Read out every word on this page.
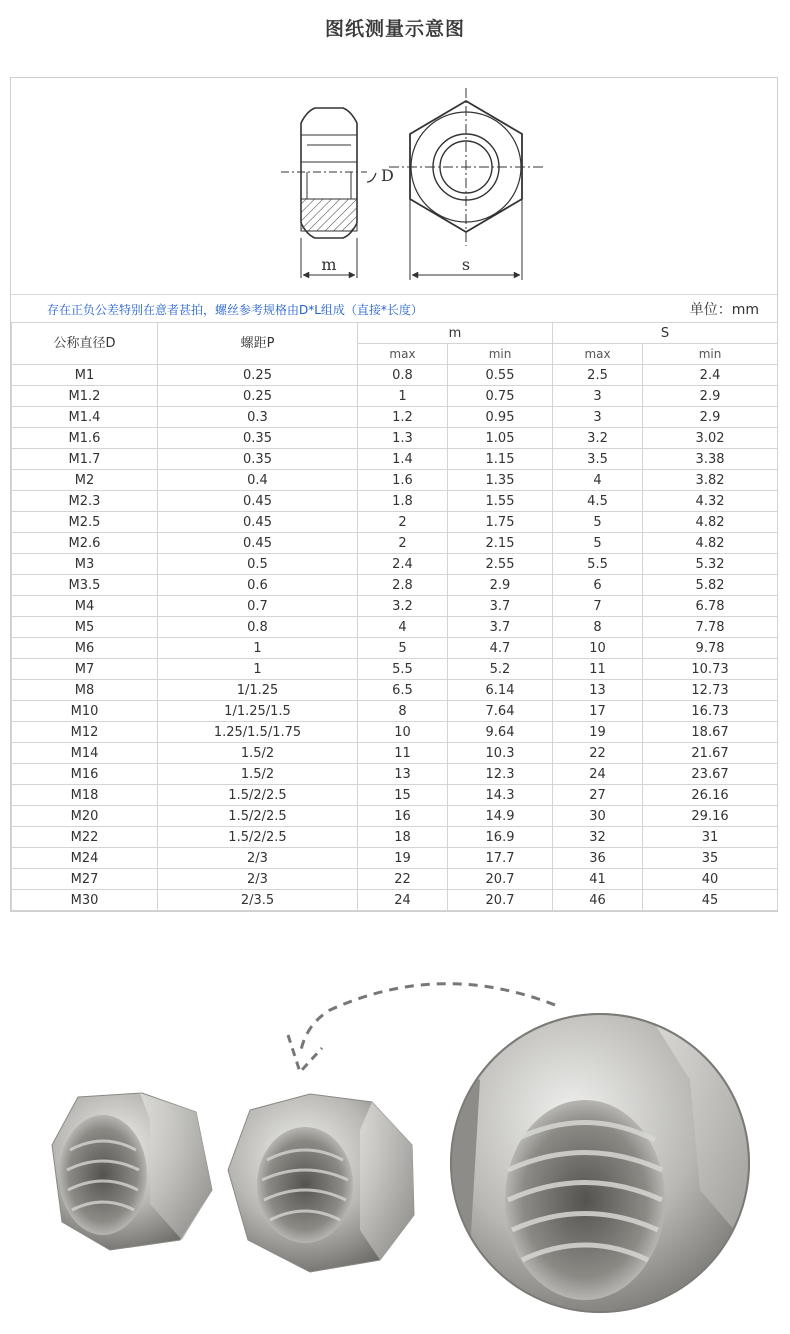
图纸测量示意图
D
m	s
存在正负公差特别在意者甚拍，螺丝参考规格由D*L组成（直接*长度）	单位：mm
公称直径D	螺距P	m		S	
		max	min	max	min
M1	0.25	0.8	0.55	2.5	2.4
M1.2	0.25	1	0.75	3	2.9
M1.4	0.3	1.2	0.95	3	2.9
M1.6	0.35	1.3	1.05	3.2	3.02
M1.7	0.35	1.4	1.15	3.5	3.38
M2	0.4	1.6	1.35	4	3.82
M2.3	0.45	1.8	1.55	4.5	4.32
M2.5	0.45	2	1.75	5	4.82
M2.6	0.45	2	2.15	5	4.82
M3	0.5	2.4	2.55	5.5	5.32
M3.5	0.6	2.8	2.9	6	5.82
M4	0.7	3.2	3.7	7	6.78
M5	0.8	4	3.7	8	7.78
M6	1	5	4.7	10	9.78
M7	1	5.5	5.2	11	10.73
M8	1/1.25	6.5	6.14	13	12.73
M10	1/1.25/1.5	8	7.64	17	16.73
M12	1.25/1.5/1.75	10	9.64	19	18.67
M14	1.5/2	11	10.3	22	21.67
M16	1.5/2	13	12.3	24	23.67
M18	1.5/2/2.5	15	14.3	27	26.16
M20	1.5/2/2.5	16	14.9	30	29.16
M22	1.5/2/2.5	18	16.9	32	31
M24	2/3	19	17.7	36	35
M27	2/3	22	20.7	41	40
M30	2/3.5	24	20.7	46	45
